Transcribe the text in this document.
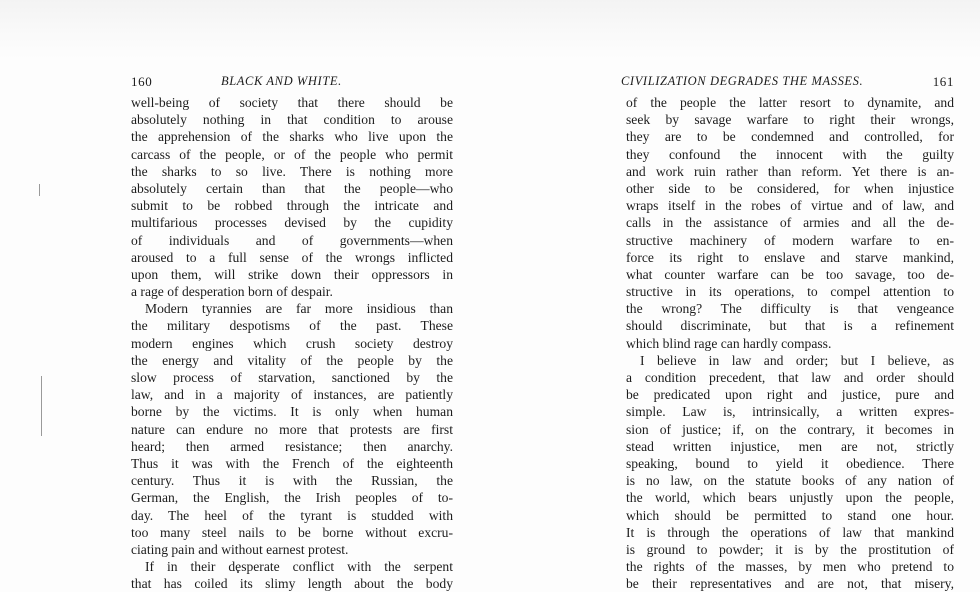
160	BLACK AND WHITE.
well-being of society that there should be
absolutely nothing in that condition to arouse
the apprehension of the sharks who live upon the
carcass of the people, or of the people who permit
the sharks to so live. There is nothing more
absolutely certain than that the people—who
submit to be robbed through the intricate and
multifarious processes devised by the cupidity
of individuals and of governments—when
aroused to a full sense of the wrongs inflicted
upon them, will strike down their oppressors in
a rage of desperation born of despair.
Modern tyrannies are far more insidious than
the military despotisms of the past. These
modern engines which crush society destroy
the energy and vitality of the people by the
slow process of starvation, sanctioned by the
law, and in a majority of instances, are patiently
borne by the victims. It is only when human
nature can endure no more that protests are first
heard; then armed resistance; then anarchy.
Thus it was with the French of the eighteenth
century. Thus it is with the Russian, the
German, the English, the Irish peoples of to-
day. The heel of the tyrant is studded with
too many steel nails to be borne without excru-
ciating pain and without earnest protest.
If in their desperate conflict with the serpent
that has coiled its slimy length about the body
CIVILIZATION DEGRADES THE MASSES.	161
of the people the latter resort to dynamite, and
seek by savage warfare to right their wrongs,
they are to be condemned and controlled, for
they confound the innocent with the guilty
and work ruin rather than reform. Yet there is an-
other side to be considered, for when injustice
wraps itself in the robes of virtue and of law, and
calls in the assistance of armies and all the de-
structive machinery of modern warfare to en-
force its right to enslave and starve mankind,
what counter warfare can be too savage, too de-
structive in its operations, to compel attention to
the wrong? The difficulty is that vengeance
should discriminate, but that is a refinement
which blind rage can hardly compass.
I believe in law and order; but I believe, as
a condition precedent, that law and order should
be predicated upon right and justice, pure and
simple. Law is, intrinsically, a written expres-
sion of justice; if, on the contrary, it becomes in
stead written injustice, men are not, strictly
speaking, bound to yield it obedience. There
is no law, on the statute books of any nation of
the world, which bears unjustly upon the people,
which should be permitted to stand one hour.
It is through the operations of law that mankind
is ground to powder; it is by the prostitution of
the rights of the masses, by men who pretend to
be their representatives and are not, that misery,
